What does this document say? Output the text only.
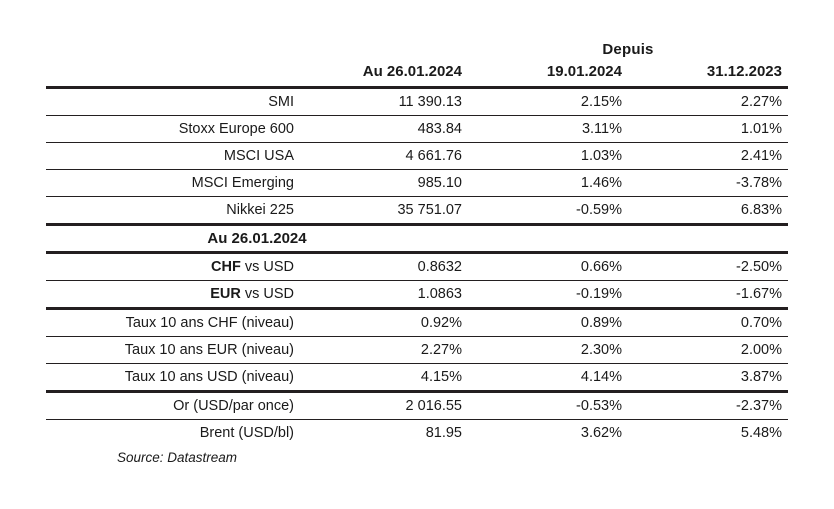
		Depuis	
	Au 26.01.2024	19.01.2024	31.12.2023
SMI	11 390.13	2.15%	2.27%
Stoxx Europe 600	483.84	3.11%	1.01%
MSCI USA	4 661.76	1.03%	2.41%
MSCI Emerging	985.10	1.46%	-3.78%
Nikkei 225	35 751.07	-0.59%	6.83%
Au 26.01.2024			
CHF vs USD	0.8632	0.66%	-2.50%
EUR vs USD	1.0863	-0.19%	-1.67%
Taux 10 ans CHF (niveau)	0.92%	0.89%	0.70%
Taux 10 ans EUR (niveau)	2.27%	2.30%	2.00%
Taux 10 ans USD (niveau)	4.15%	4.14%	3.87%
Or (USD/par once)	2 016.55	-0.53%	-2.37%
Brent (USD/bl)	81.95	3.62%	5.48%
Source: Datastream
